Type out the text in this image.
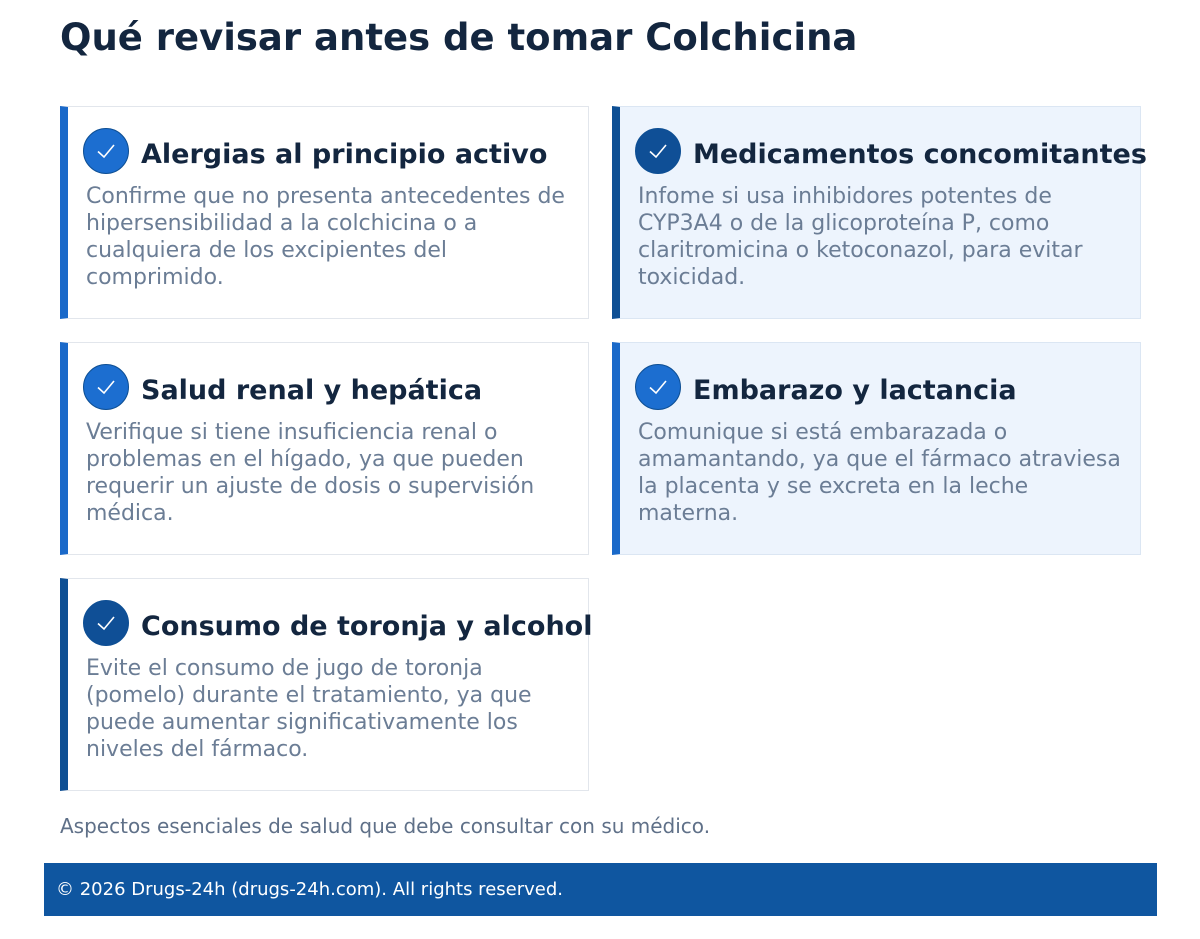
Qué revisar antes de tomar Colchicina
Alergias al principio activo

Confirme que no presenta antecedentes de hipersensibilidad a la colchicina o a cualquiera de los excipientes del comprimido.

Medicamentos concomitantes

Infome si usa inhibidores potentes de CYP3A4 o de la glicoproteína P, como claritromicina o ketoconazol, para evitar toxicidad.

Salud renal y hepática

Verifique si tiene insuficiencia renal o problemas en el hígado, ya que pueden requerir un ajuste de dosis o supervisión médica.

Embarazo y lactancia

Comunique si está embarazada o amamantando, ya que el fármaco atraviesa la placenta y se excreta en la leche materna.

Consumo de toronja y alcohol

Evite el consumo de jugo de toronja (pomelo) durante el tratamiento, ya que puede aumentar significativamente los niveles del fármaco.

Aspectos esenciales de salud que debe consultar con su médico.

© 2026 Drugs-24h (drugs-24h.com). All rights reserved.
